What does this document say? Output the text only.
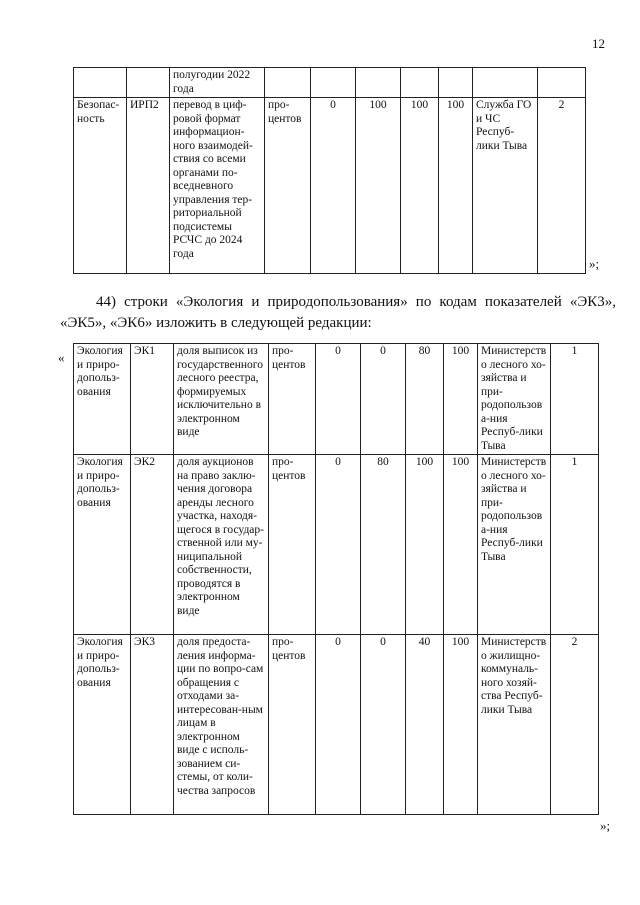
12
		полугодии 2022 года							
Безопас-ность	ИРП2	перевод в циф-ровой формат информацион-ного взаимодей-ствия со всеми органами по-вседневного управления тер-риториальной подсистемы РСЧС до 2024 года	про-центов	0	100	100	100	Служба ГО и ЧС Респуб-лики Тыва	2
»;
44) строки «Экология и природопользования» по кодам показателей «ЭК3», «ЭК5», «ЭК6» изложить в следующей редакции:
« Экология и приро-допольз-ования	ЭК1	доля выписок из государственного лесного реестра, формируемых исключительно в электронном виде	про-центов	0	0	80	100	Министерство лесного хо-зяйства и при-родопользова-ния Респуб-лики Тыва	1
Экология и приро-допольз-ования	ЭК2	доля аукционов на право заклю-чения договора аренды лесного участка, находя-щегося в государ-ственной или му-ниципальной собственности, проводятся в электронном виде	про-центов	0	80	100	100	Министерство лесного хо-зяйства и при-родопользова-ния Респуб-лики Тыва	1
Экология и приро-допольз-ования	ЭК3	доля предоста-ления информа-ции по вопро-сам обращения с отходами за-интересован-ным лицам в электронном виде с исполь-зованием си-стемы, от коли-чества запросов	про-центов	0	0	40	100	Министерство жилищно-коммуналь-ного хозяй-ства Респуб-лики Тыва	2
»;
